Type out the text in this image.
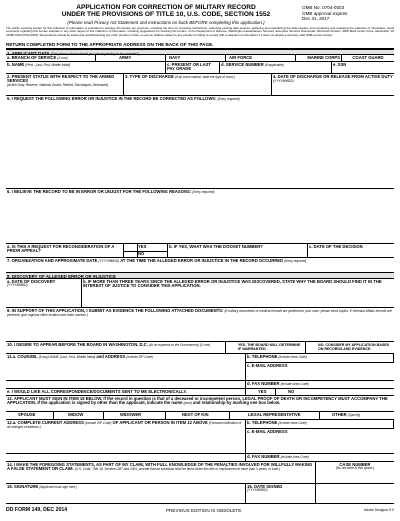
APPLICATION FOR CORRECTION OF MILITARY RECORD
UNDER THE PROVISIONS OF TITLE 10, U.S. CODE, SECTION 1552
(Please read Privacy Act Statement and instructions on back BEFORE completing this application.)
OMB No. 0704-0003
OMB approval expires
Dec 31, 2017
The public reporting burden for this collection of information is estimated to average 30 minutes per response, including the time for reviewing instructions, searching existing data sources, gathering and maintaining the data needed, and completing and reviewing the collection of information. Send comments regarding this burden estimate or any other aspect of this collection of information, including suggestions for reducing the burden, to the Department of Defense, Washington Headquarters Services, Executive Services Directorate, Directives Division, 4800 Mark Center Drive, Alexandria, VA 22350-3100 (0704-0003). Respondents should be aware that notwithstanding any other provision of law, no person shall be subject to any penalty for failing to comply with a collection of information if it does not display a currently valid OMB control number.
RETURN COMPLETED FORM TO THE APPROPRIATE ADDRESS ON THE BACK OF THIS PAGE.
1. APPLICANT DATA (The person whose record you are requesting to be corrected.)
a. BRANCH OF SERVICE (X one)	ARMY	NAVY	AIR FORCE	MARINE CORPS	COAST GUARD
b. NAME (Print - Last, First, Middle Initial)	c. PRESENT OR LAST PAY GRADE
d. SERVICE NUMBER (If applicable)	e. SSN
2. PRESENT STATUS WITH RESPECT TO THE ARMED SERVICES
(Active Duty, Reserve, National Guard, Retired, Discharged, Deceased)
3. TYPE OF DISCHARGE (If by court-martial, state the type of court.)	4. DATE OF DISCHARGE OR RELEASE FROM ACTIVE DUTY (YYYYMMDD)
5. I REQUEST THE FOLLOWING ERROR OR INJUSTICE IN THE RECORD BE CORRECTED AS FOLLOWS: (Entry required)
6. I BELIEVE THE RECORD TO BE IN ERROR OR UNJUST FOR THE FOLLOWING REASONS: (Entry required)
a. IS THIS A REQUEST FOR RECONSIDERATION OF A PRIOR APPEAL?
YES
NO
b. IF YES, WHAT WAS THE DOCKET NUMBER?	c. DATE OF THE DECISION
7. ORGANIZATION AND APPROXIMATE DATE (YYYYMMDD) AT THE TIME THE ALLEGED ERROR OR INJUSTICE IN THE RECORD OCCURRED (Entry required)
8. DISCOVERY OF ALLEGED ERROR OR INJUSTICE
a. DATE OF DISCOVERY
(YYYYMMDD)
b. IF MORE THAN THREE YEARS SINCE THE ALLEGED ERROR OR INJUSTICE WAS DISCOVERED, STATE WHY THE BOARD SHOULD FIND IT IN THE INTEREST OF JUSTICE TO CONSIDER THIS APPLICATION.
9. IN SUPPORT OF THIS APPLICATION, I SUBMIT AS EVIDENCE THE FOLLOWING ATTACHED DOCUMENTS: (If military documents or medical records are pertinent to your case, please send copies. If Veterans Affairs records are pertinent, give regional office location and claim number.)
10. I DESIRE TO APPEAR BEFORE THE BOARD IN WASHINGTON, D.C. (At no expense to the Government) (X one)	YES. THE BOARD WILL DETERMINE IF WARRANTED.
NO. CONSIDER MY APPLICATION BASED ON RECORDS AND EVIDENCE.
11.a. COUNSEL (If any) NAME (Last, First, Middle Initial) and ADDRESS (Include ZIP Code)	b. TELEPHONE (Include Area Code)
c. E-MAIL ADDRESS
d. FAX NUMBER (Include Area Code)
e. I WOULD LIKE ALL CORRESPONDENCE/DOCUMENTS SENT TO ME ELECTRONICALLY.	YES	NO
12. APPLICANT MUST SIGN IN ITEM 15 BELOW. If the record in question is that of a deceased or incompetent person, LEGAL PROOF OF DEATH OR INCOMPETENCY MUST ACCOMPANY THE APPLICATION. If the application is signed by other than the applicant, indicate the name (print) and relationship by marking one box below.
SPOUSE	WIDOW	WIDOWER	NEXT OF KIN	LEGAL REPRESENTATIVE	OTHER (Specify)
12.a. COMPLETE CURRENT ADDRESS (Include ZIP Code) OF APPLICANT OR PERSON IN ITEM 12 ABOVE (Forward notification of all changes of address.)
b. TELEPHONE (Include Area Code)
c. E-MAIL ADDRESS
d. FAX NUMBER (Include Area Code)
14. I MAKE THE FOREGOING STATEMENTS, AS PART OF MY CLAIM, WITH FULL KNOWLEDGE OF THE PENALTIES INVOLVED FOR WILLFULLY MAKING A FALSE STATEMENT OR CLAIM. (U.S. Code, Title 18, Sections 287 and 1001, provide that an individual shall be fined under this title or imprisoned not more than 5 years, or both.)
CASE NUMBER
(Do not write in this space.)
15. SIGNATURE (Applicant must sign here.)	16. DATE SIGNED
(YYYYMMDD)
DD FORM 149, DEC 2014	PREVIOUS EDITION IS OBSOLETE.	Adobe Designer 9.0
